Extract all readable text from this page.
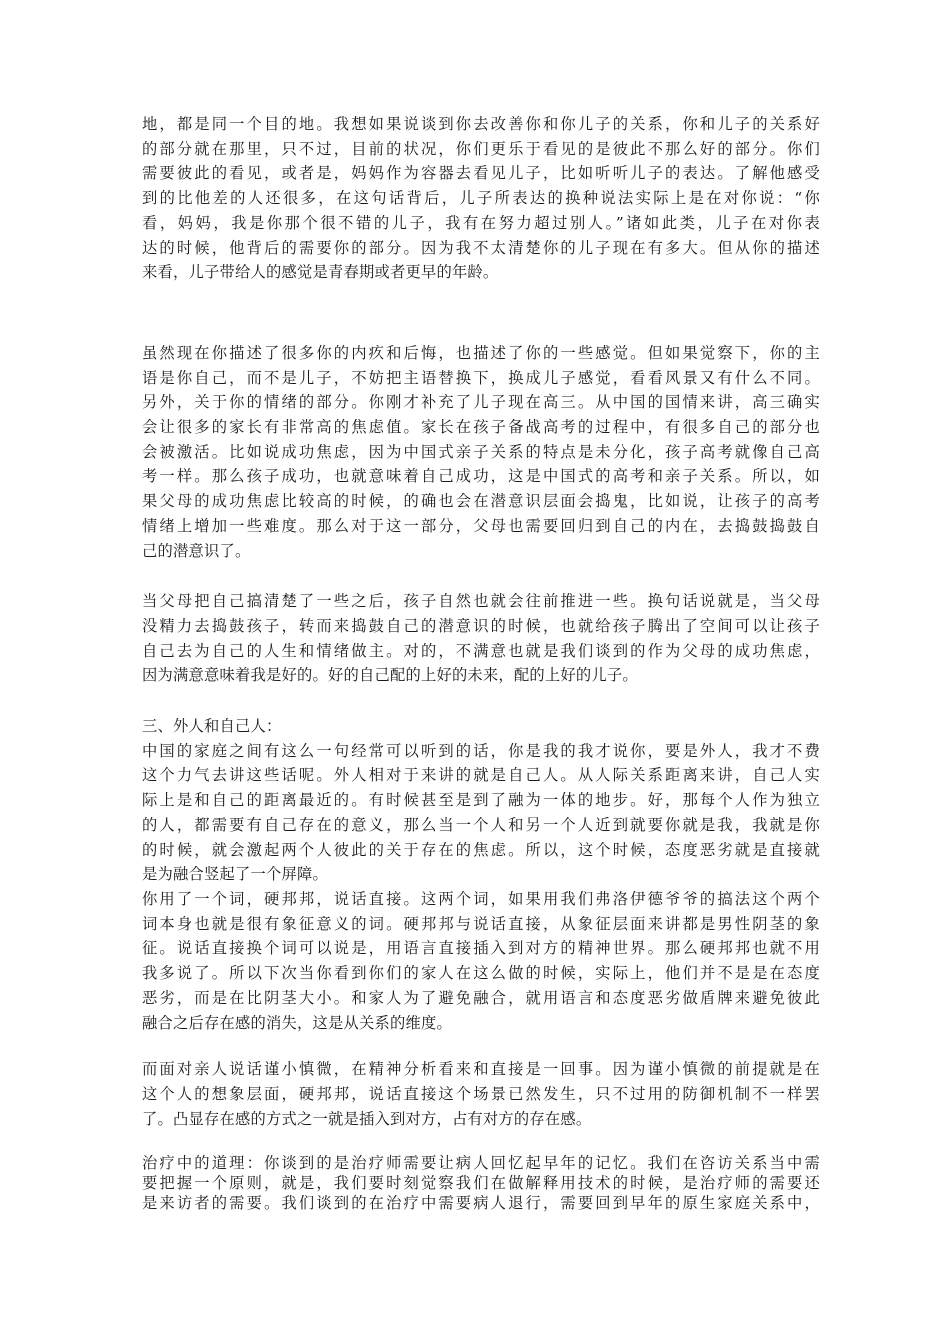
地，都是同一个目的地。我想如果说谈到你去改善你和你儿子的关系，你和儿子的关系好
的部分就在那里，只不过，目前的状况，你们更乐于看见的是彼此不那么好的部分。你们
需要彼此的看见，或者是，妈妈作为容器去看见儿子，比如听听儿子的表达。了解他感受
到的比他差的人还很多，在这句话背后，儿子所表达的换种说法实际上是在对你说：“你
看，妈妈，我是你那个很不错的儿子，我有在努力超过别人。”诸如此类，儿子在对你表
达的时候，他背后的需要你的部分。因为我不太清楚你的儿子现在有多大。但从你的描述
来看，儿子带给人的感觉是青春期或者更早的年龄。

虽然现在你描述了很多你的内疚和后悔，也描述了你的一些感觉。但如果觉察下，你的主
语是你自己，而不是儿子，不妨把主语替换下，换成儿子感觉，看看风景又有什么不同。
另外，关于你的情绪的部分。你刚才补充了儿子现在高三。从中国的国情来讲，高三确实
会让很多的家长有非常高的焦虑值。家长在孩子备战高考的过程中，有很多自己的部分也
会被激活。比如说成功焦虑，因为中国式亲子关系的特点是未分化，孩子高考就像自己高
考一样。那么孩子成功，也就意味着自己成功，这是中国式的高考和亲子关系。所以，如
果父母的成功焦虑比较高的时候，的确也会在潜意识层面会捣鬼，比如说，让孩子的高考
情绪上增加一些难度。那么对于这一部分，父母也需要回归到自己的内在，去捣鼓捣鼓自
己的潜意识了。

当父母把自己搞清楚了一些之后，孩子自然也就会往前推进一些。换句话说就是，当父母
没精力去捣鼓孩子，转而来捣鼓自己的潜意识的时候，也就给孩子腾出了空间可以让孩子
自己去为自己的人生和情绪做主。对的，不满意也就是我们谈到的作为父母的成功焦虑，
因为满意意味着我是好的。好的自己配的上好的未来，配的上好的儿子。

三、外人和自己人：
中国的家庭之间有这么一句经常可以听到的话，你是我的我才说你，要是外人，我才不费
这个力气去讲这些话呢。外人相对于来讲的就是自己人。从人际关系距离来讲，自己人实
际上是和自己的距离最近的。有时候甚至是到了融为一体的地步。好，那每个人作为独立
的人，都需要有自己存在的意义，那么当一个人和另一个人近到就要你就是我，我就是你
的时候，就会激起两个人彼此的关于存在的焦虑。所以，这个时候，态度恶劣就是直接就
是为融合竖起了一个屏障。
你用了一个词，硬邦邦，说话直接。这两个词，如果用我们弗洛伊德爷爷的搞法这个两个
词本身也就是很有象征意义的词。硬邦邦与说话直接，从象征层面来讲都是男性阴茎的象
征。说话直接换个词可以说是，用语言直接插入到对方的精神世界。那么硬邦邦也就不用
我多说了。所以下次当你看到你们的家人在这么做的时候，实际上，他们并不是是在态度
恶劣，而是在比阴茎大小。和家人为了避免融合，就用语言和态度恶劣做盾牌来避免彼此
融合之后存在感的消失，这是从关系的维度。

而面对亲人说话谨小慎微，在精神分析看来和直接是一回事。因为谨小慎微的前提就是在
这个人的想象层面，硬邦邦，说话直接这个场景已然发生，只不过用的防御机制不一样罢
了。凸显存在感的方式之一就是插入到对方，占有对方的存在感。

治疗中的道理：你谈到的是治疗师需要让病人回忆起早年的记忆。我们在咨访关系当中需
要把握一个原则，就是，我们要时刻觉察我们在做解释用技术的时候，是治疗师的需要还
是来访者的需要。我们谈到的在治疗中需要病人退行，需要回到早年的原生家庭关系中，
